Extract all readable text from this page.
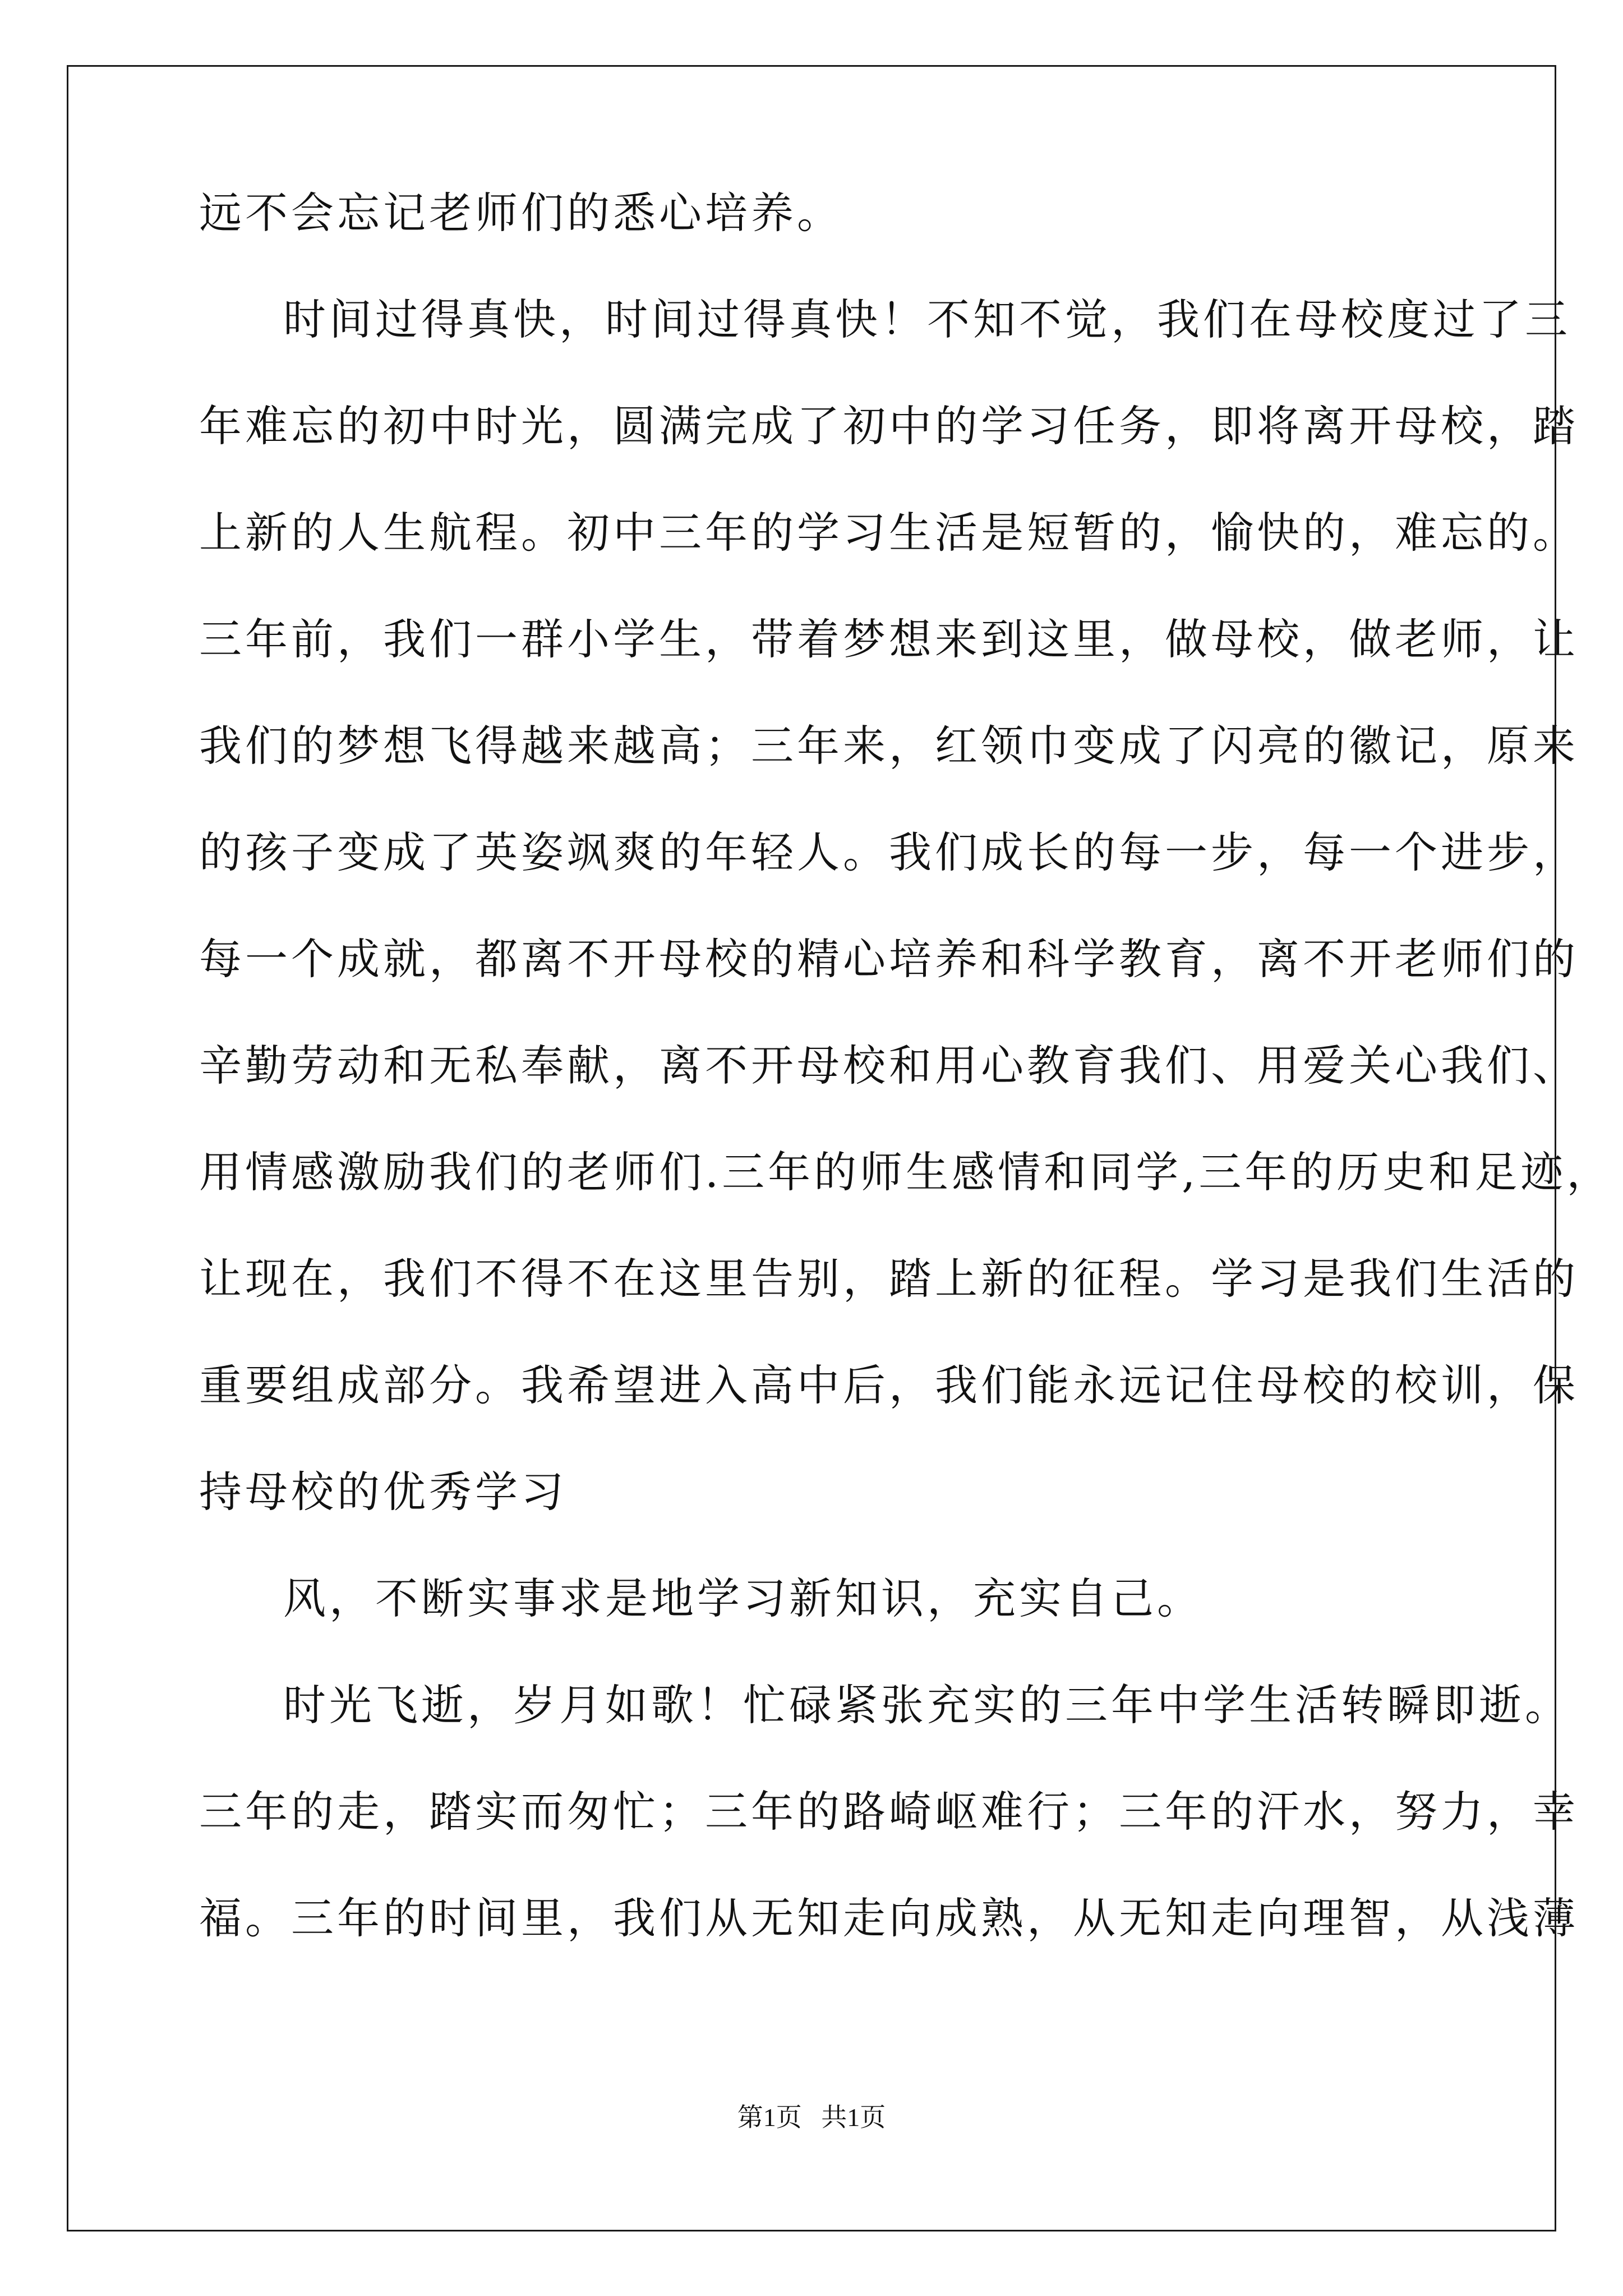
远不会忘记老师们的悉心培养。
时间过得真快，时间过得真快！不知不觉，我们在母校度过了三
年难忘的初中时光，圆满完成了初中的学习任务，即将离开母校，踏
上新的人生航程。初中三年的学习生活是短暂的，愉快的，难忘的。
三年前，我们一群小学生，带着梦想来到这里，做母校，做老师，让
我们的梦想飞得越来越高；三年来，红领巾变成了闪亮的徽记，原来
的孩子变成了英姿飒爽的年轻人。我们成长的每一步，每一个进步，
每一个成就，都离不开母校的精心培养和科学教育，离不开老师们的
辛勤劳动和无私奉献，离不开母校和用心教育我们、用爱关心我们、
用情感激励我们的老师们.三年的师生感情和同学,三年的历史和足迹，
让现在，我们不得不在这里告别，踏上新的征程。学习是我们生活的
重要组成部分。我希望进入高中后，我们能永远记住母校的校训，保
持母校的优秀学习
风，不断实事求是地学习新知识，充实自己。
时光飞逝，岁月如歌！忙碌紧张充实的三年中学生活转瞬即逝。
三年的走，踏实而匆忙；三年的路崎岖难行；三年的汗水，努力，幸
福。三年的时间里，我们从无知走向成熟，从无知走向理智，从浅薄
第1页   共1页
